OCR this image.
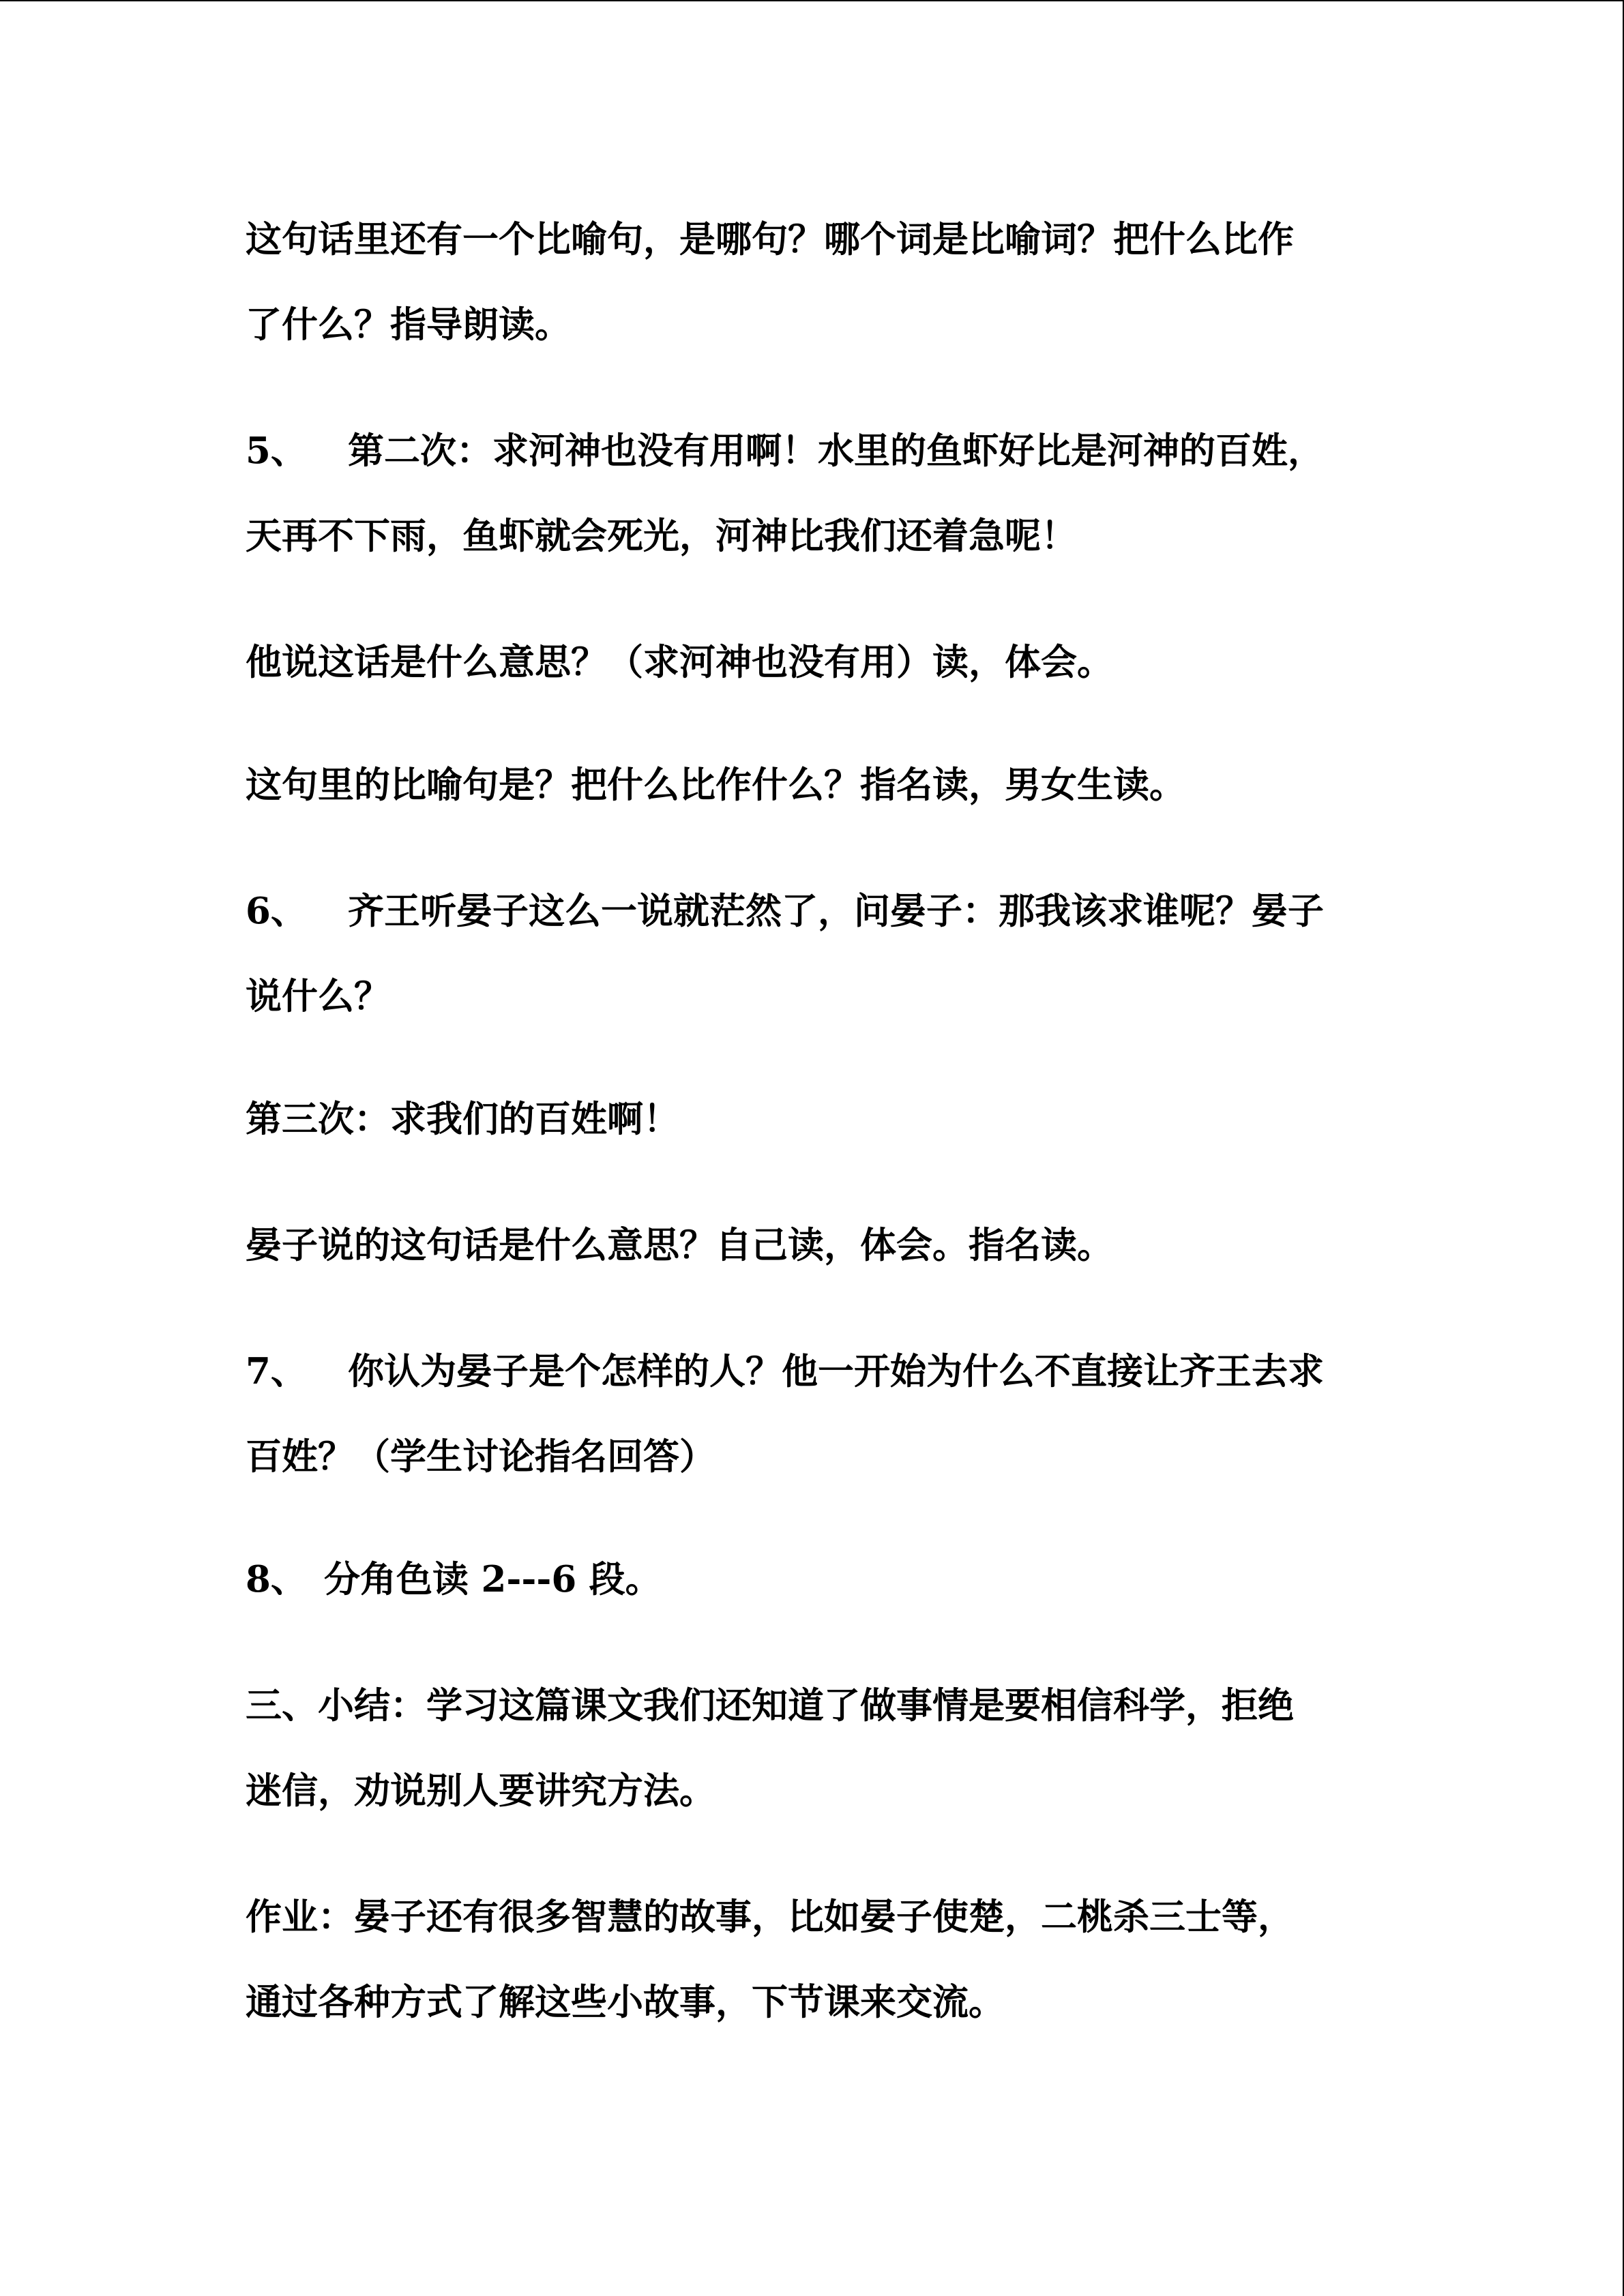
这句话里还有一个比喻句，是哪句？哪个词是比喻词？把什么比作

了什么？指导朗读。

5、 第二次：求河神也没有用啊！水里的鱼虾好比是河神的百姓，

天再不下雨，鱼虾就会死光，河神比我们还着急呢！

他说这话是什么意思？（求河神也没有用）读，体会。

这句里的比喻句是？把什么比作什么？指名读，男女生读。

6、 齐王听晏子这么一说就茫然了，问晏子：那我该求谁呢？晏子

说什么？

第三次：求我们的百姓啊！

晏子说的这句话是什么意思？自己读，体会。指名读。

7、 你认为晏子是个怎样的人？他一开始为什么不直接让齐王去求

百姓？（学生讨论指名回答）

8、 分角色读 2---6 段。

三、小结：学习这篇课文我们还知道了做事情是要相信科学，拒绝

迷信，劝说别人要讲究方法。

作业：晏子还有很多智慧的故事，比如晏子使楚，二桃杀三士等，

通过各种方式了解这些小故事，下节课来交流。
